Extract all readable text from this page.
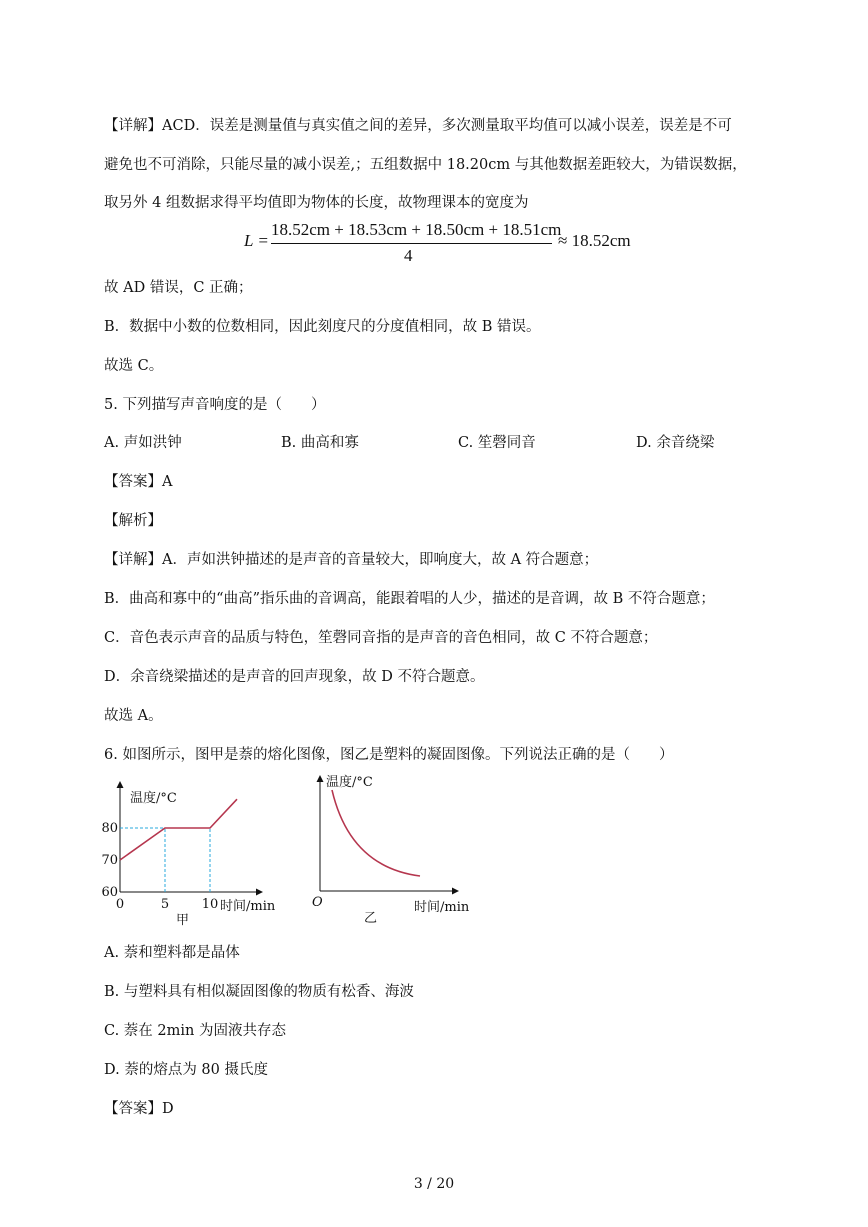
【详解】ACD．误差是测量值与真实值之间的差异，多次测量取平均值可以减小误差，误差是不可
避免也不可消除，只能尽量的减小误差,；五组数据中 18.20cm 与其他数据差距较大，为错误数据，
取另外 4 组数据求得平均值即为物体的长度，故物理课本的宽度为
L =
18.52cm + 18.53cm + 18.50cm + 18.51cm
4
≈ 18.52cm
故 AD 错误，C 正确；
B．数据中小数的位数相同，因此刻度尺的分度值相同，故 B 错误。
故选 C。
5. 下列描写声音响度的是（　　）
A. 声如洪钟	B. 曲高和寡	C. 笙磬同音	D. 余音绕梁
【答案】A
【解析】
【详解】A．声如洪钟描述的是声音的音量较大，即响度大，故 A 符合题意；
B．曲高和寡中的“曲高”指乐曲的音调高，能跟着唱的人少，描述的是音调，故 B 不符合题意；
C．音色表示声音的品质与特色，笙磬同音指的是声音的音色相同，故 C 不符合题意；
D．余音绕梁描述的是声音的回声现象，故 D 不符合题意。
故选 A。
6. 如图所示，图甲是萘的熔化图像，图乙是塑料的凝固图像。下列说法正确的是（　　）
60
70
80
0	5	10
温度/°C
时间/min
甲
温度/°C
O	时间/min
乙
A. 萘和塑料都是晶体
B. 与塑料具有相似凝固图像的物质有松香、海波
C. 萘在 2min 为固液共存态
D. 萘的熔点为 80 摄氏度
【答案】D
3 / 20
